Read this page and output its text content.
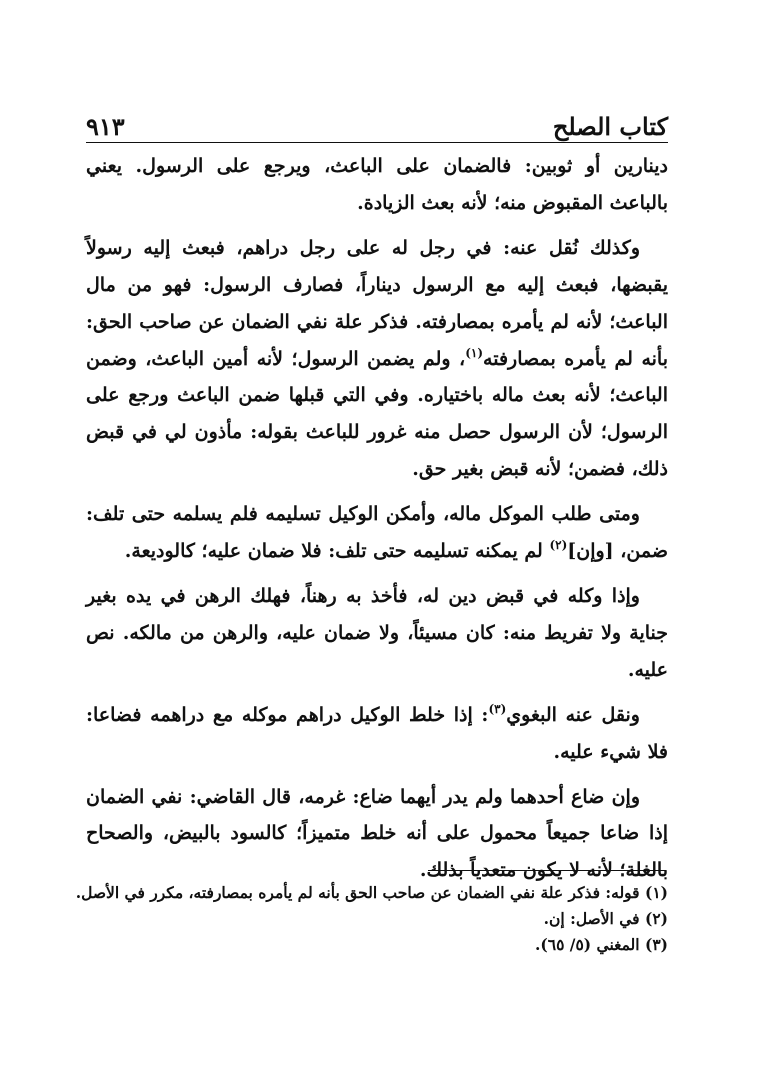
كتاب الصلح
٩١٣

دينارين أو ثوبين: فالضمان على الباعث، ويرجع على الرسول. يعني بالباعث المقبوض منه؛ لأنه بعث الزيادة.

وكذلك نُقل عنه: في رجل له على رجل دراهم، فبعث إليه رسولاً يقبضها، فبعث إليه مع الرسول ديناراً، فصارف الرسول: فهو من مال الباعث؛ لأنه لم يأمره بمصارفته. فذكر علة نفي الضمان عن صاحب الحق: بأنه لم يأمره بمصارفته$^{(١)}$، ولم يضمن الرسول؛ لأنه أمين الباعث، وضمن الباعث؛ لأنه بعث ماله باختياره. وفي التي قبلها ضمن الباعث ورجع على الرسول؛ لأن الرسول حصل منه غرور للباعث بقوله: مأذون لي في قبض ذلك، فضمن؛ لأنه قبض بغير حق.

ومتى طلب الموكل ماله، وأمكن الوكيل تسليمه فلم يسلمه حتى تلف: ضمن، [وإن]$^{(٢)}$ لم يمكنه تسليمه حتى تلف: فلا ضمان عليه؛ كالوديعة.

وإذا وكله في قبض دين له، فأخذ به رهناً، فهلك الرهن في يده بغير جناية ولا تفريط منه: كان مسيئاً، ولا ضمان عليه، والرهن من مالكه. نص عليه.

ونقل عنه البغوي$^{(٣)}$: إذا خلط الوكيل دراهم موكله مع دراهمه فضاعا: فلا شيء عليه.

وإن ضاع أحدهما ولم يدر أيهما ضاع: غرمه، قال القاضي: نفي الضمان إذا ضاعا جميعاً محمول على أنه خلط متميزاً؛ كالسود بالبيض، والصحاح بالغلة؛ لأنه لا يكون متعدياً بذلك.

(١) قوله: فذكر علة نفي الضمان عن صاحب الحق بأنه لم يأمره بمصارفته، مكرر في الأصل.
(٢) في الأصل: إن.
(٣) المغني (٥/ ٦٥).
